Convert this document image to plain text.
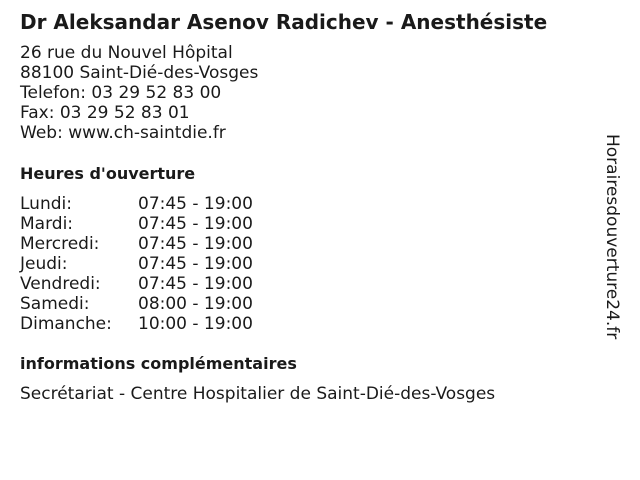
Dr Aleksandar Asenov Radichev - Anesthésiste
26 rue du Nouvel Hôpital
88100 Saint-Dié-des-Vosges
Telefon: 03 29 52 83 00
Fax: 03 29 52 83 01
Web: www.ch-saintdie.fr
Heures d'ouverture
Lundi:	07:45 - 19:00
Mardi:	07:45 - 19:00
Mercredi: 07:45 - 19:00
Jeudi:	07:45 - 19:00
Vendredi: 07:45 - 19:00
Samedi:	08:00 - 19:00
Dimanche: 10:00 - 19:00
informations complémentaires
Secrétariat - Centre Hospitalier de Saint-Dié-des-Vosges
Horairesdouverture24.fr
